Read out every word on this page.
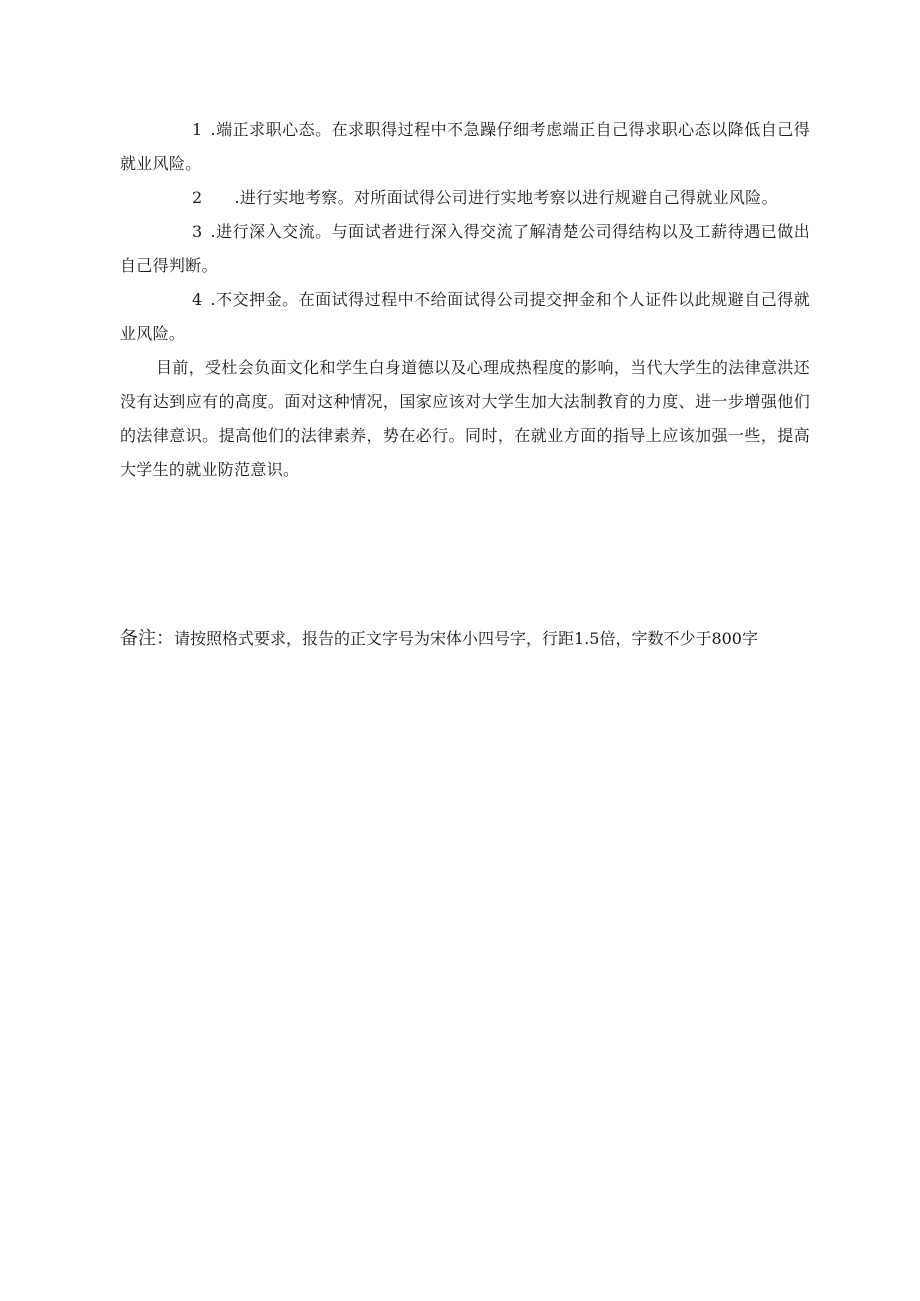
1 .端正求职心态。在求职得过程中不急躁仔细考虑端正自己得求职心态以降低自己得就业风险。

2 .进行实地考察。对所面试得公司进行实地考察以进行规避自己得就业风险。

3 .进行深入交流。与面试者进行深入得交流了解清楚公司得结构以及工薪待遇已做出自己得判断。

4 .不交押金。在面试得过程中不给面试得公司提交押金和个人证件以此规避自己得就业风险。

目前，受杜会负面文化和学生白身道德以及心理成热程度的影响，当代大学生的法律意洪还没有达到应有的高度。面对这种情况，国家应该对大学生加大法制教育的力度、进一步增强他们的法律意识。提高他们的法律素养，势在必行。同时，在就业方面的指导上应该加强一些，提高大学生的就业防范意识。

备注：请按照格式要求，报告的正文字号为宋体小四号字，行距1.5倍，字数不少于800字
